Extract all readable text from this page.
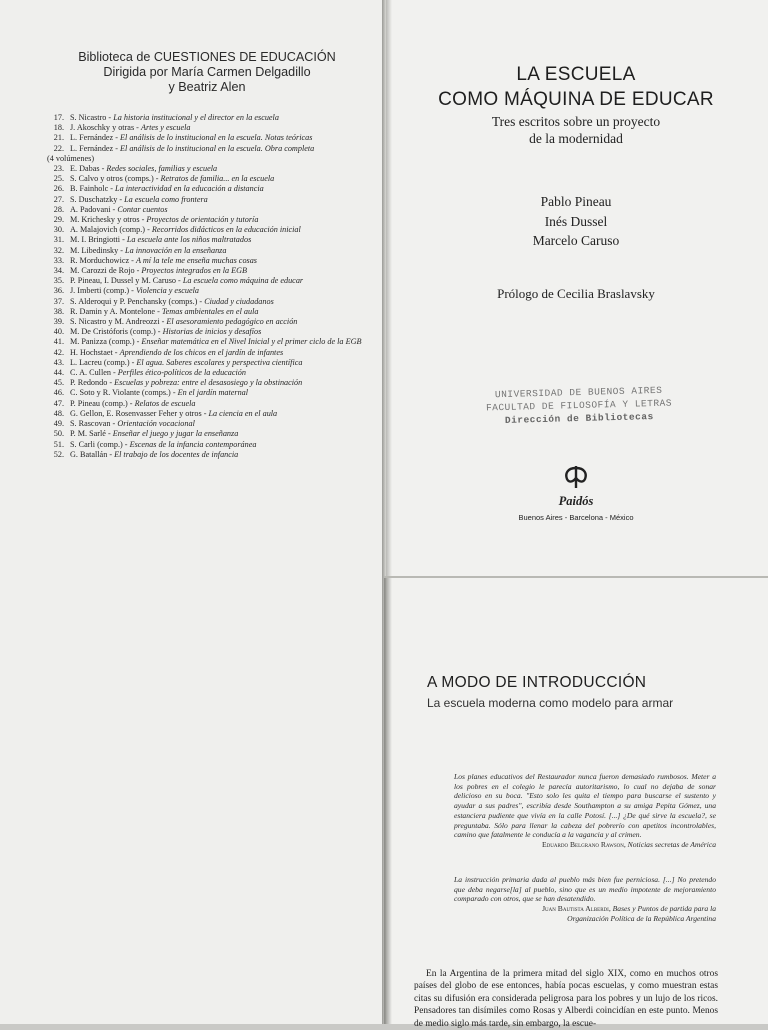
Biblioteca de CUESTIONES DE EDUCACIÓN
Dirigida por María Carmen Delgadillo
y Beatriz Alen
17. S. Nicastro - La historia institucional y el director en la escuela
18. J. Akoschky y otras - Artes y escuela
21. L. Fernández - El análisis de lo institucional en la escuela. Notas teóricas
22. L. Fernández - El análisis de lo institucional en la escuela. Obra completa
(4 volúmenes)
23. E. Dabas - Redes sociales, familias y escuela
25. S. Calvo y otros (comps.) - Retratos de familia... en la escuela
26. B. Fainholc - La interactividad en la educación a distancia
27. S. Duschatzky - La escuela como frontera
28. A. Padovani - Contar cuentos
29. M. Krichesky y otros - Proyectos de orientación y tutoría
30. A. Malajovich (comp.) - Recorridos didácticos en la educación inicial
31. M. I. Bringiotti - La escuela ante los niños maltratados
32. M. Libedinsky - La innovación en la enseñanza
33. R. Morduchowicz - A mí la tele me enseña muchas cosas
34. M. Carozzi de Rojo - Proyectos integrados en la EGB
35. P. Pineau, I. Dussel y M. Caruso - La escuela como máquina de educar
36. J. Imberti (comp.) - Violencia y escuela
37. S. Alderoqui y P. Penchansky (comps.) - Ciudad y ciudadanos
38. R. Damin y A. Montelone - Temas ambientales en el aula
39. S. Nicastro y M. Andreozzi - El asesoramiento pedagógico en acción
40. M. De Cristóforis (comp.) - Historias de inicios y desafíos
41. M. Panizza (comp.) - Enseñar matemática en el Nivel Inicial y el primer ciclo de la EGB
42. H. Hochstaet - Aprendiendo de los chicos en el jardín de infantes
43. L. Lacreu (comp.) - El agua. Saberes escolares y perspectiva científica
44. C. A. Cullen - Perfiles ético-políticos de la educación
45. P. Redondo - Escuelas y pobreza: entre el desasosiego y la obstinación
46. C. Soto y R. Violante (comps.) - En el jardín maternal
47. P. Pineau (comp.) - Relatos de escuela
48. G. Gellon, E. Rosenvasser Feher y otros - La ciencia en el aula
49. S. Rascovan - Orientación vocacional
50. P. M. Sarlé - Enseñar el juego y jugar la enseñanza
51. S. Carli (comp.) - Escenas de la infancia contemporánea
52. G. Batallán - El trabajo de los docentes de infancia
LA ESCUELA
COMO MÁQUINA DE EDUCAR
Tres escritos sobre un proyecto
de la modernidad
Pablo Pineau
Inés Dussel
Marcelo Caruso
Prólogo de Cecilia Braslavsky
UNIVERSIDAD DE BUENOS AIRES
FACULTAD DE FILOSOFÍA Y LETRAS
Dirección de Bibliotecas
Paidós
Buenos Aires - Barcelona - México
A MODO DE INTRODUCCIÓN
La escuela moderna como modelo para armar
Los planes educativos del Restaurador nunca fueron demasiado rumbosos. Meter a los pobres en el colegio le parecía autoritarismo, lo cual no dejaba de sonar delicioso en su boca. "Esto solo les quita el tiempo para buscarse el sustento y ayudar a sus padres", escribía desde Southampton a su amiga Pepita Gómez, una estanciera pudiente que vivía en la calle Potosí. [...] ¿De qué sirve la escuela?, se preguntaba. Sólo para llenar la cabeza del pobrerío con apetitos incontrolables, camino que fatalmente le conducía a la vagancia y al crimen.
Eduardo Belgrano Rawson, Noticias secretas de América
La instrucción primaria dada al pueblo más bien fue perniciosa. [...] No pretendo que deba negarse[la] al pueblo, sino que es un medio impotente de mejoramiento comparado con otros, que se han desatendido.
Juan Bautista Alberdi, Bases y Puntos de partida para la
Organización Política de la República Argentina
En la Argentina de la primera mitad del siglo XIX, como en muchos otros países del globo de ese entonces, había pocas escuelas, y como muestran estas citas su difusión era considerada peligrosa para los pobres y un lujo de los ricos. Pensadores tan disímiles como Rosas y Alberdi coincidían en este punto. Menos de medio siglo más tarde, sin embargo, la escue-
